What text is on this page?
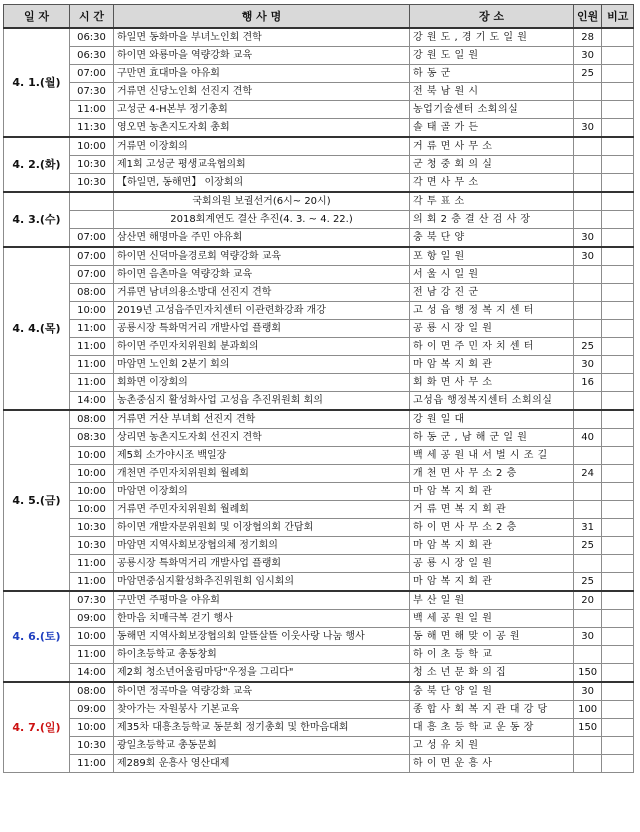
일 자	시 간	행 사 명	장 소	인원	비고
4. 1.(월)	06:30	하일면 동화마을 부녀노인회 견학	강 원 도 , 경 기 도 일 원	28	
	06:30	하이면 와룡마을 역량강화 교육	강 원 도 일 원	30	
	07:00	구만면 효대마을 야유회	하 동 군	25	
	07:30	거류면 신당노인회 선진지 견학	전 북 남 원 시		
	11:00	고성군 4-H본부 정기총회	농업기술센터 소회의실		
	11:30	영오면 농촌지도자회 총회	솔 태 골 가 든	30	
4. 2.(화)	10:00	거류면 이장회의	거 류 면 사 무 소		
	10:30	제1회 고성군 평생교육협의회	군 청 중 회 의 실		
	10:30	【하일면, 동해면】 이장회의	각 면 사 무 소		
4. 3.(수)		국회의원 보궐선거(6시~ 20시)	각 투 표 소		
		2018회계연도 결산 추진(4. 3. ~ 4. 22.)	의 회 2 층 결 산 검 사 장		
	07:00	삼산면 해명마을 주민 야유회	충 북 단 양	30	
4. 4.(목)	07:00	하이면 신덕마을경로회 역량강화 교육	포 항 일 원	30	
	07:00	하이면 음촌마을 역량강화 교육	서 울 시 일 원		
	08:00	거류면 남녀의용소방대 선진지 견학	전 남 강 진 군		
	10:00	2019년 고성읍주민자치센터 이관련화강좌 개강	고 성 읍 행 정 복 지 센 터		
	11:00	공룡시장 특화먹거리 개발사업 플랭회	공 룡 시 장 일 원		
	11:00	하이면 주민자치위원회 분과회의	하 이 면 주 민 자 치 센 터	25	
	11:00	마암면 노인회 2분기 회의	마 암 복 지 회 관	30	
	11:00	회화면 이장회의	회 화 면 사 무 소	16	
	14:00	농촌중심지 활성화사업 고성읍 추진위원회 회의	고성읍 행정복지센터 소회의실		
4. 5.(금)	08:00	거류면 거산 부녀회 선진지 견학	강 원 일 대		
	08:30	상리면 농촌지도자회 선진지 견학	하 동 군 , 남 해 군 일 원	40	
	10:00	제5회 소가야시조 백일장	백 세 공 원 내 서 벌 시 조 길		
	10:00	개천면 주민자치위원회 월례회	개 천 면 사 무 소 2 층	24	
	10:00	마암면 이장회의	마 암 복 지 회 관		
	10:00	거류면 주민자치위원회 월례회	거 류 면 복 지 회 관		
	10:30	하이면 개발자문위원회 및 이장협의회 간담회	하 이 면 사 무 소 2 층	31	
	10:30	마암면 지역사회보장협의체 정기회의	마 암 복 지 회 관	25	
	11:00	공룡시장 특화먹거리 개발사업 플랭회	공 룡 시 장 일 원		
	11:00	마암면중심지활성화추진위원회 임시회의	마 암 복 지 회 관	25	
4. 6.(토)	07:30	구만면 주평마을 야유회	부 산 일 원	20	
	09:00	한마음 치매극복 걷기 행사	백 세 공 원 일 원		
	10:00	동해면 지역사회보장협의회 알뜰살뜰 이웃사랑 나눔 행사	동 해 면 해 맞 이 공 원	30	
	11:00	하이초등학교 총동창회	하 이 초 등 학 교		
	14:00	제2회 청소년어울림마당"우정을 그리다"	청 소 년 문 화 의 집	150	
4. 7.(일)	08:00	하이면 정곡마을 역량강화 교육	충 북 단 양 일 원	30	
	09:00	찾아가는 자원봉사 기본교육	종 합 사 회 복 지 관 대 강 당	100	
	10:00	제35차 대흥초등학교 동문회 정기총회 및 한마음대회	대 흥 초 등 학 교 운 동 장	150	
	10:30	광일초등학교 총동문회	고 성 유 치 원		
	11:00	제289회 운흥사 영산대제	하 이 면 운 흥 사		
